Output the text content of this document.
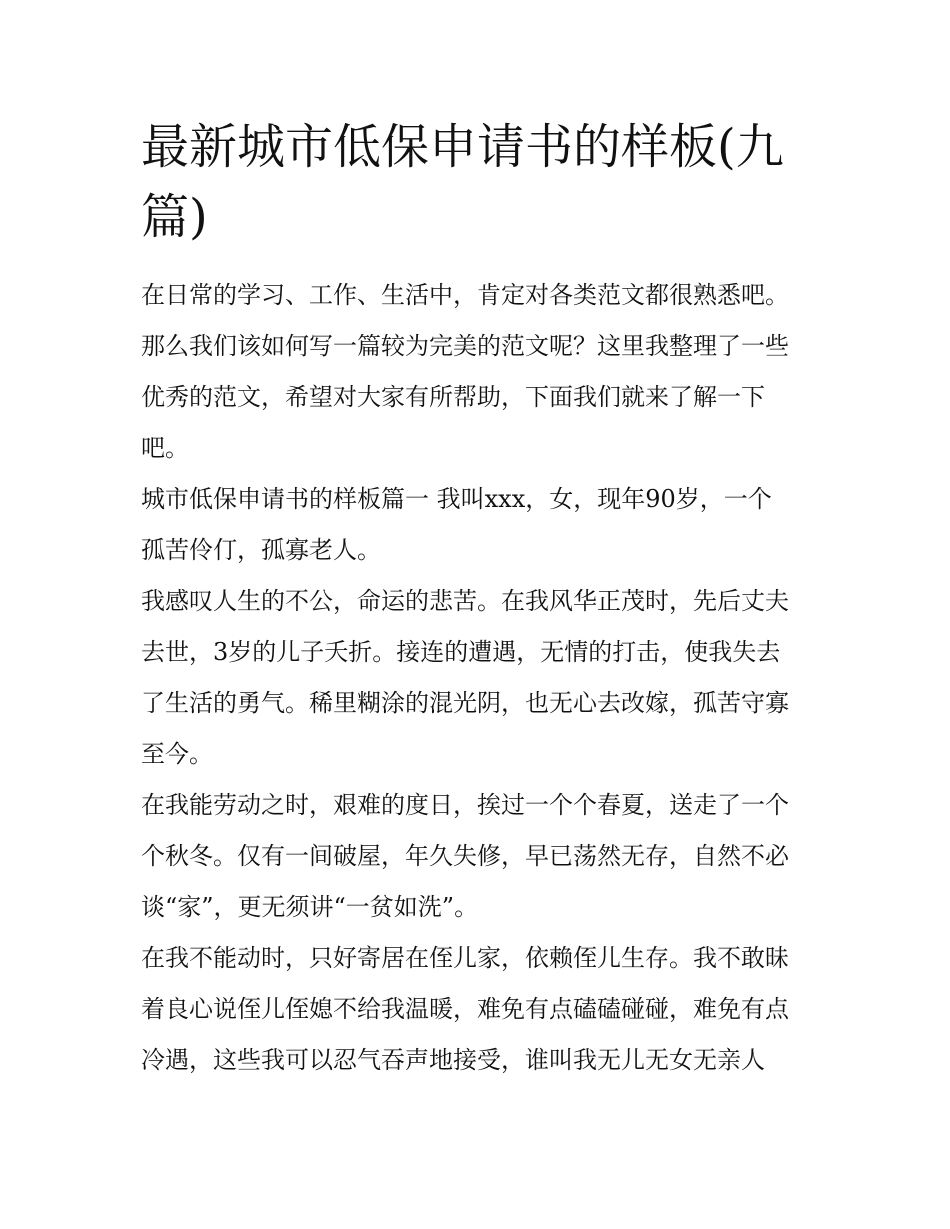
最新城市低保申请书的样板(九
篇)
在日常的学习、工作、生活中，肯定对各类范文都很熟悉吧。
那么我们该如何写一篇较为完美的范文呢？这里我整理了一些
优秀的范文，希望对大家有所帮助，下面我们就来了解一下
吧。
城市低保申请书的样板篇一 我叫xxx，女，现年90岁，一个
孤苦伶仃，孤寡老人。
我感叹人生的不公，命运的悲苦。在我风华正茂时，先后丈夫
去世，3岁的儿子夭折。接连的遭遇，无情的打击，使我失去
了生活的勇气。稀里糊涂的混光阴，也无心去改嫁，孤苦守寡
至今。
在我能劳动之时，艰难的度日，挨过一个个春夏，送走了一个
个秋冬。仅有一间破屋，年久失修，早已荡然无存，自然不必
谈“家”，更无须讲“一贫如洗”。
在我不能动时，只好寄居在侄儿家，依赖侄儿生存。我不敢昧
着良心说侄儿侄媳不给我温暖，难免有点磕磕碰碰，难免有点
冷遇，这些我可以忍气吞声地接受，谁叫我无儿无女无亲人
